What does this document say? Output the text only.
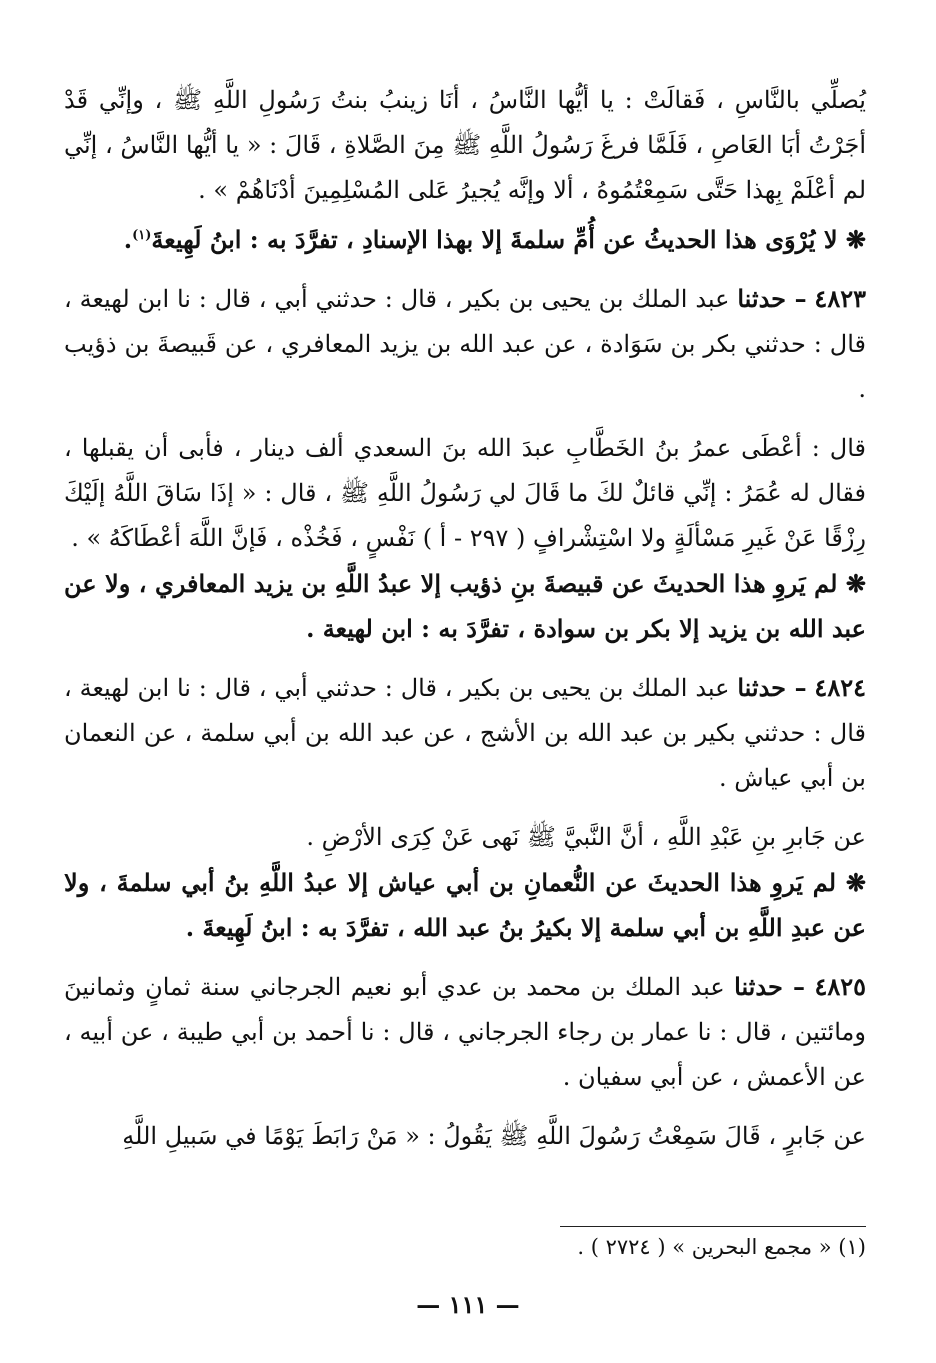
يُصلِّي بالنَّاسِ ، فَقالَتْ : يا أيُّها النَّاسُ ، أنَا زينبُ بنتُ رَسُولِ اللَّهِ ﷺ ، وإنِّي قَدْ أجَرْتُ أبَا العَاصِ ، فَلَمَّا فرغَ رَسُولُ اللَّهِ ﷺ مِنَ الصَّلاةِ ، قَالَ : « يا أيُّها النَّاسُ ، إنِّي لم أعْلَمْ بِهذا حَتَّى سَمِعْتُمُوهُ ، ألا وإنَّه يُجيرُ عَلى المُسْلِمِينَ أدْنَاهُمْ » .

❋ لا يُرْوَى هذا الحديثُ عن أُمِّ سلمةَ إلا بهذا الإسنادِ ، تفرَّدَ به : ابنُ لَهِيعةَ$^{(١)}$.

٤٨٢٣ – حدثنا عبد الملك بن يحيى بن بكير ، قال : حدثني أبي ، قال : نا ابن لهيعة ، قال : حدثني بكر بن سَوَادة ، عن عبد الله بن يزيد المعافري ، عن قَبيصةَ بن ذؤيب .

قال : أعْطَى عمرُ بنُ الخَطَّابِ عبدَ الله بنَ السعدي ألف دينار ، فأبى أن يقبلها ، فقال له عُمَرُ : إنِّي قائلٌ لكَ ما قَالَ لي رَسُولُ اللَّهِ ﷺ ، قال : « إذَا سَاقَ اللَّهُ إلَيْكَ رِزْقًا عَنْ غَيرِ مَسْألَةٍ ولا اسْتِشْرافٍ ( ٢٩٧ - أ ) نَفْسٍ ، فَخُذْه ، فَإنَّ اللَّهَ أعْطَاكَهُ » .

❋ لم يَروِ هذا الحديثَ عن قبيصةَ بنِ ذؤيب إلا عبدُ اللَّهِ بن يزيد المعافري ، ولا عن عبد الله بن يزيد إلا بكر بن سوادة ، تفرَّدَ به : ابن لهيعة .

٤٨٢٤ – حدثنا عبد الملك بن يحيى بن بكير ، قال : حدثني أبي ، قال : نا ابن لهيعة ، قال : حدثني بكير بن عبد الله بن الأشج ، عن عبد الله بن أبي سلمة ، عن النعمان بن أبي عياش .

عن جَابرِ بنِ عَبْدِ اللَّهِ ، أنَّ النَّبيَّ ﷺ نَهى عَنْ كِرَى الأرْضِ .

❋ لم يَروِ هذا الحديثَ عن النُّعمانِ بن أبي عياش إلا عبدُ اللَّهِ بنُ أبي سلمةَ ، ولا عن عبدِ اللَّهِ بن أبي سلمة إلا بكيرُ بنُ عبد الله ، تفرَّدَ به : ابنُ لَهِيعةَ .

٤٨٢٥ – حدثنا عبد الملك بن محمد بن عدي أبو نعيم الجرجاني سنة ثمانٍ وثمانينَ ومائتين ، قال : نا عمار بن رجاء الجرجاني ، قال : نا أحمد بن أبي طيبة ، عن أبيه ، عن الأعمش ، عن أبي سفيان .

عن جَابرٍ ، قَالَ سَمِعْتُ رَسُولَ اللَّهِ ﷺ يَقُولُ : « مَنْ رَابَطَ يَوْمًا في سَبيلِ اللَّهِ

(١) « مجمع البحرين » ( ٢٧٢٤ ) .
— ١١١ —
